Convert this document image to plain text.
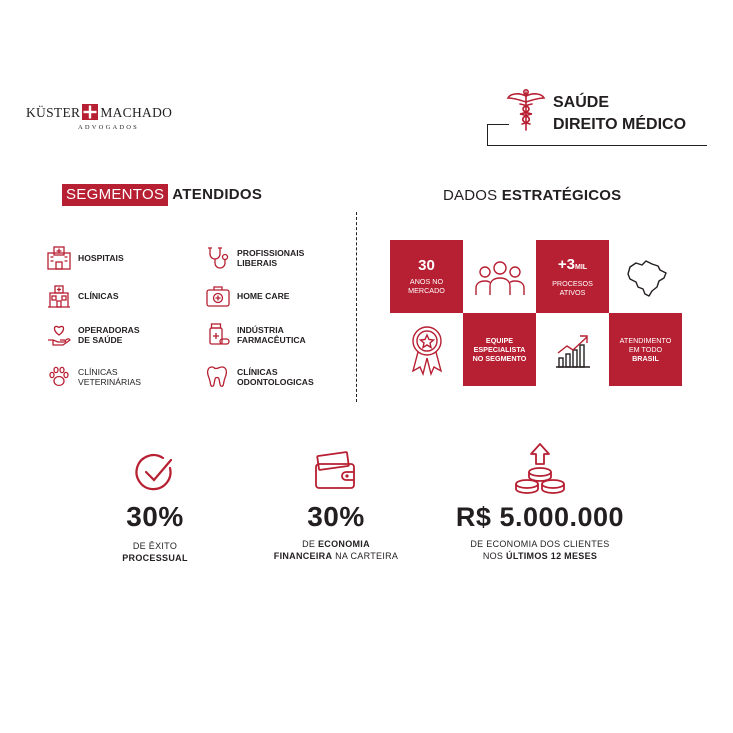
KÜSTER MACHADO
ADVOGADOS
SAÚDE
DIREITO MÉDICO
SEGMENTOS ATENDIDOS	DADOS ESTRATÉGICOS
HOSPITAIS	PROFISSIONAIS
LIBERAIS
CLÍNICAS	HOME CARE
OPERADORAS
DE SAÚDE
INDÚSTRIA
FARMACÊUTICA
CLÍNICAS
VETERINÁRIAS
CLÍNICAS
ODONTOLOGICAS
30
ANOS NO
MERCADO
+3MIL
PROCESOS
ATIVOS
EQUIPE
ESPECIALISTA
NO SEGMENTO
ATENDIMENTO
EM TODO
BRASIL
30%
DE ÊXITO
PROCESSUAL
30%
DE ECONOMIA
FINANCEIRA NA CARTEIRA
R$ 5.000.000
DE ECONOMIA DOS CLIENTES
NOS ÚLTIMOS 12 MESES
